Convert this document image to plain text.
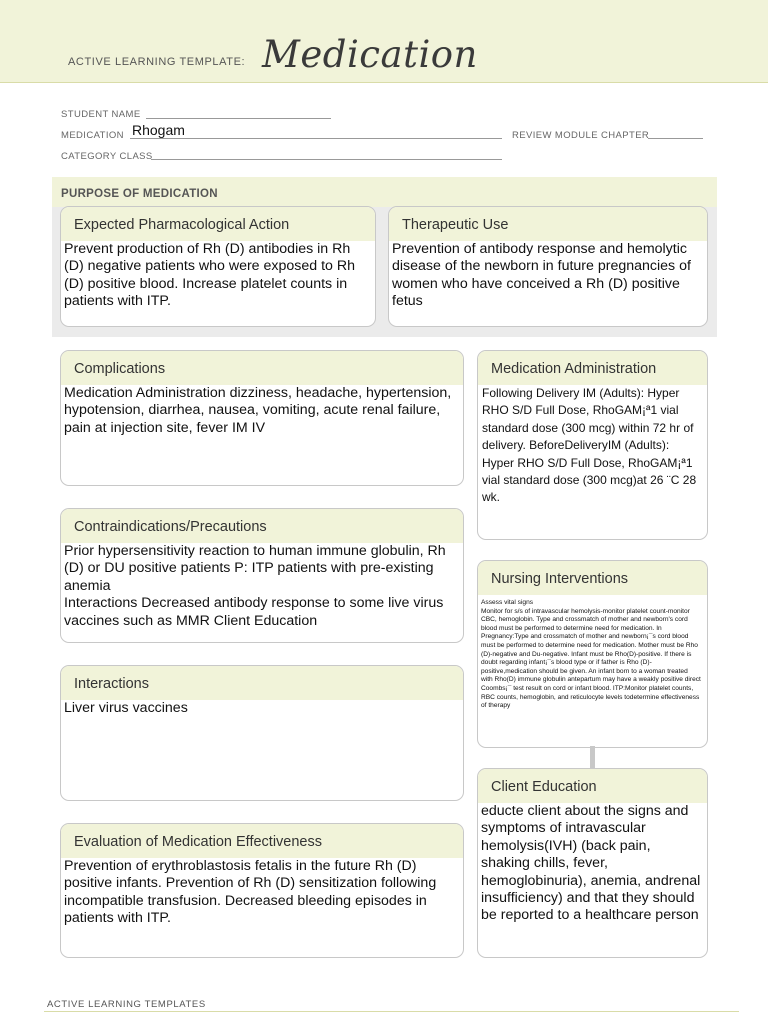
ACTIVE LEARNING TEMPLATE: Medication
STUDENT NAME
MEDICATION Rhogam	REVIEW MODULE CHAPTER
CATEGORY CLASS
PURPOSE OF MEDICATION
Expected Pharmacological Action
Prevent production of Rh (D) antibodies in Rh (D) negative patients who were exposed to Rh (D) positive blood. Increase platelet counts in patients with ITP.
Therapeutic Use
Prevention of antibody response and hemolytic disease of the newborn in future pregnancies of women who have conceived a Rh (D) positive fetus
Complications
Medication Administration dizziness, headache, hypertension, hypotension, diarrhea, nausea, vomiting, acute renal failure, pain at injection site, fever IM IV
Medication Administration
Following Delivery IM (Adults): Hyper RHO S/D Full Dose, RhoGAM¡ª1 vial standard dose (300 mcg) within 72 hr of delivery. BeforeDeliveryIM (Adults): Hyper RHO S/D Full Dose, RhoGAM¡ª1 vial standard dose (300 mcg)at 26 ¨C 28 wk.
Contraindications/Precautions
Prior hypersensitivity reaction to human immune globulin, Rh (D) or DU positive patients P: ITP patients with pre-existing anemia
Interactions Decreased antibody response to some live virus vaccines such as MMR Client Education
Nursing Interventions
Assess vital signs
Monitor for s/s of intravascular hemolysis-monitor platelet count-monitor CBC, hemoglobin. Type and crossmatch of mother and newborn's cord blood must be performed to determine need for medication. In Pregnancy:Type and crossmatch of mother and newborn¡¯s cord blood must be performed to determine need for medication. Mother must be Rho (D)-negative and Du-negative. Infant must be Rho(D)-positive. If there is doubt regarding infant¡¯s blood type or if father is Rho (D)-positive,medication should be given. An infant born to a woman treated with Rho(D) immune globulin antepartum may have a weakly positive direct Coombs¡¯ test result on cord or infant blood. ITP:Monitor platelet counts, RBC counts, hemoglobin, and reticulocyte levels todetermine effectiveness of therapy
Interactions
Liver virus vaccines
Client Education
educte client about the signs and symptoms of intravascular hemolysis(IVH) (back pain, shaking chills, fever, hemoglobinuria), anemia, andrenal insufficiency) and that they should be reported to a healthcare person
Evaluation of Medication Effectiveness
Prevention of erythroblastosis fetalis in the future Rh (D) positive infants. Prevention of Rh (D) sensitization following incompatible transfusion. Decreased bleeding episodes in patients with ITP.
ACTIVE LEARNING TEMPLATES
